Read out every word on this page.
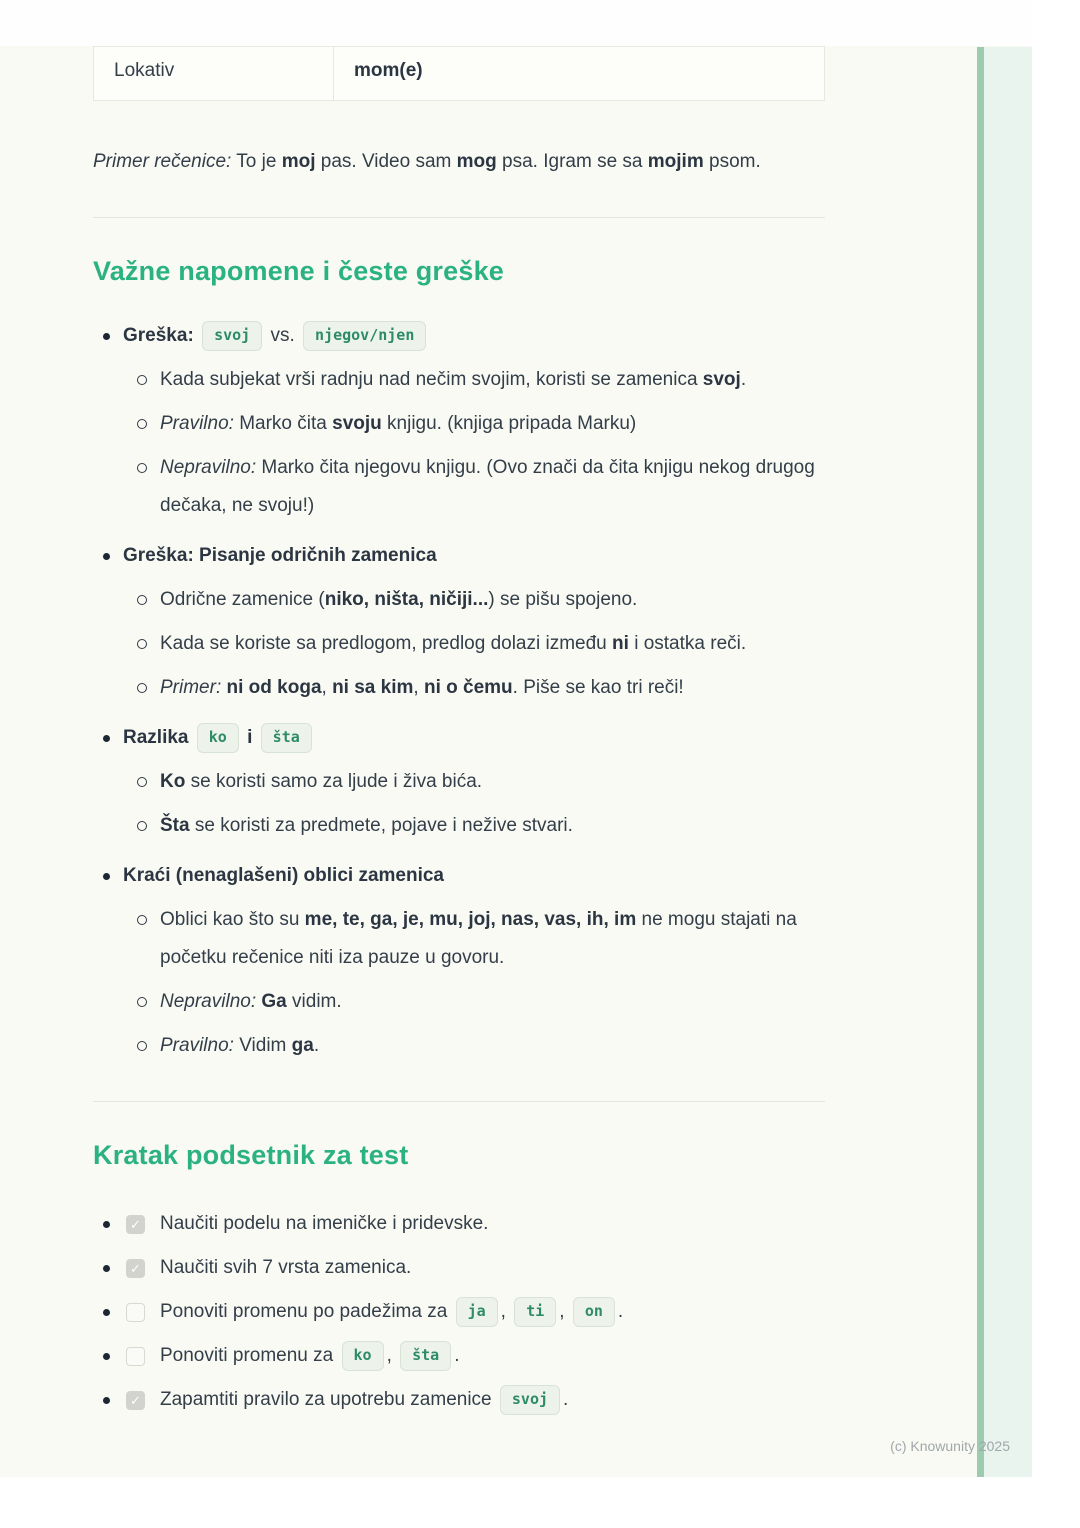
Lokativ	mom(e)

Primer rečenice: To je moj pas. Video sam mog psa. Igram se sa mojim psom.

Važne napomene i česte greške
Greška: svoj vs. njegov/njen
Kada subjekat vrši radnju nad nečim svojim, koristi se zamenica svoj.
Pravilno: Marko čita svoju knjigu. (knjiga pripada Marku)
Nepravilno: Marko čita njegovu knjigu. (Ovo znači da čita knjigu nekog drugog dečaka, ne svoju!)
Greška: Pisanje odričnih zamenica
Odrične zamenice (niko, ništa, ničiji...) se pišu spojeno.
Kada se koriste sa predlogom, predlog dolazi između ni i ostatka reči.
Primer: ni od koga, ni sa kim, ni o čemu. Piše se kao tri reči!
Razlika ko i šta
Ko se koristi samo za ljude i živa bića.
Šta se koristi za predmete, pojave i nežive stvari.
Kraći (nenaglašeni) oblici zamenica
Oblici kao što su me, te, ga, je, mu, joj, nas, vas, ih, im ne mogu stajati na početku rečenice niti iza pauze u govoru.
Nepravilno: Ga vidim.
Pravilno: Vidim ga.
Kratak podsetnik za test
✓ Naučiti podelu na imeničke i pridevske.
✓ Naučiti svih 7 vrsta zamenica.
Ponoviti promenu po padežima za ja , ti , on .
Ponoviti promenu za ko , šta .
✓ Zapamtiti pravilo za upotrebu zamenice svoj .
(c) Knowunity 2025
